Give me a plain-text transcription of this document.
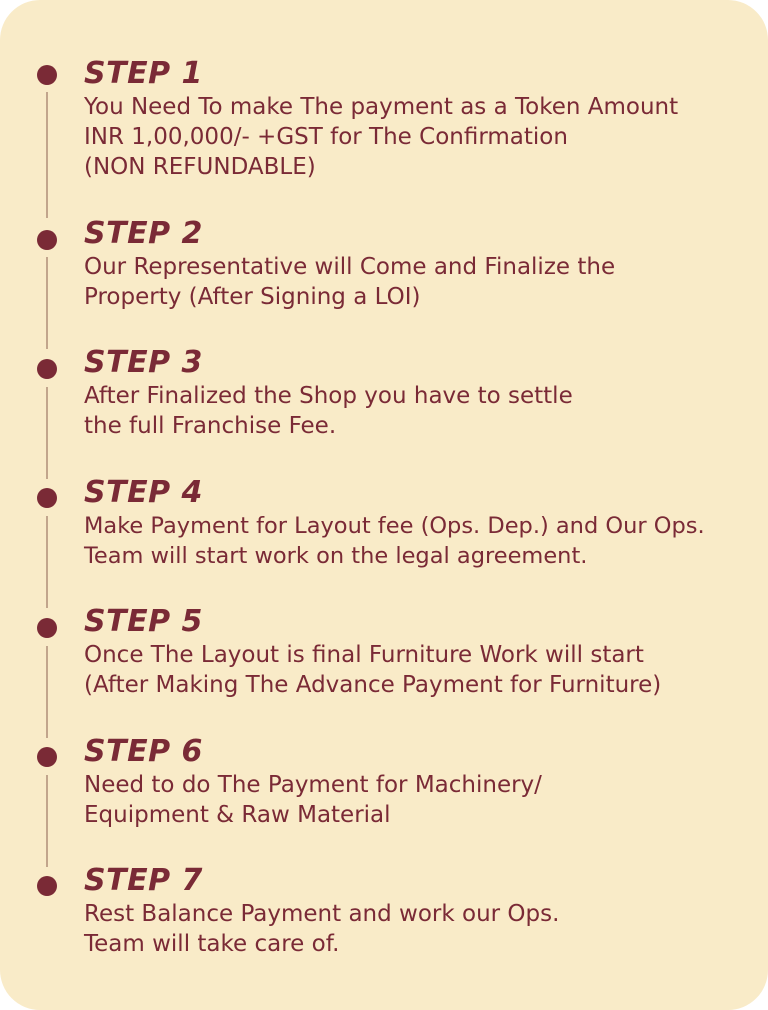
STEP 1

You Need To make The payment as a Token Amount
INR 1,00,000/- +GST for The Confirmation
(NON REFUNDABLE)

STEP 2

Our Representative will Come and Finalize the
Property (After Signing a LOI)

STEP 3

After Finalized the Shop you have to settle
the full Franchise Fee.

STEP 4

Make Payment for Layout fee (Ops. Dep.) and Our Ops.
Team will start work on the legal agreement.

STEP 5

Once The Layout is final Furniture Work will start
(After Making The Advance Payment for Furniture)

STEP 6

Need to do The Payment for Machinery/
Equipment & Raw Material

STEP 7

Rest Balance Payment and work our Ops.
Team will take care of.
